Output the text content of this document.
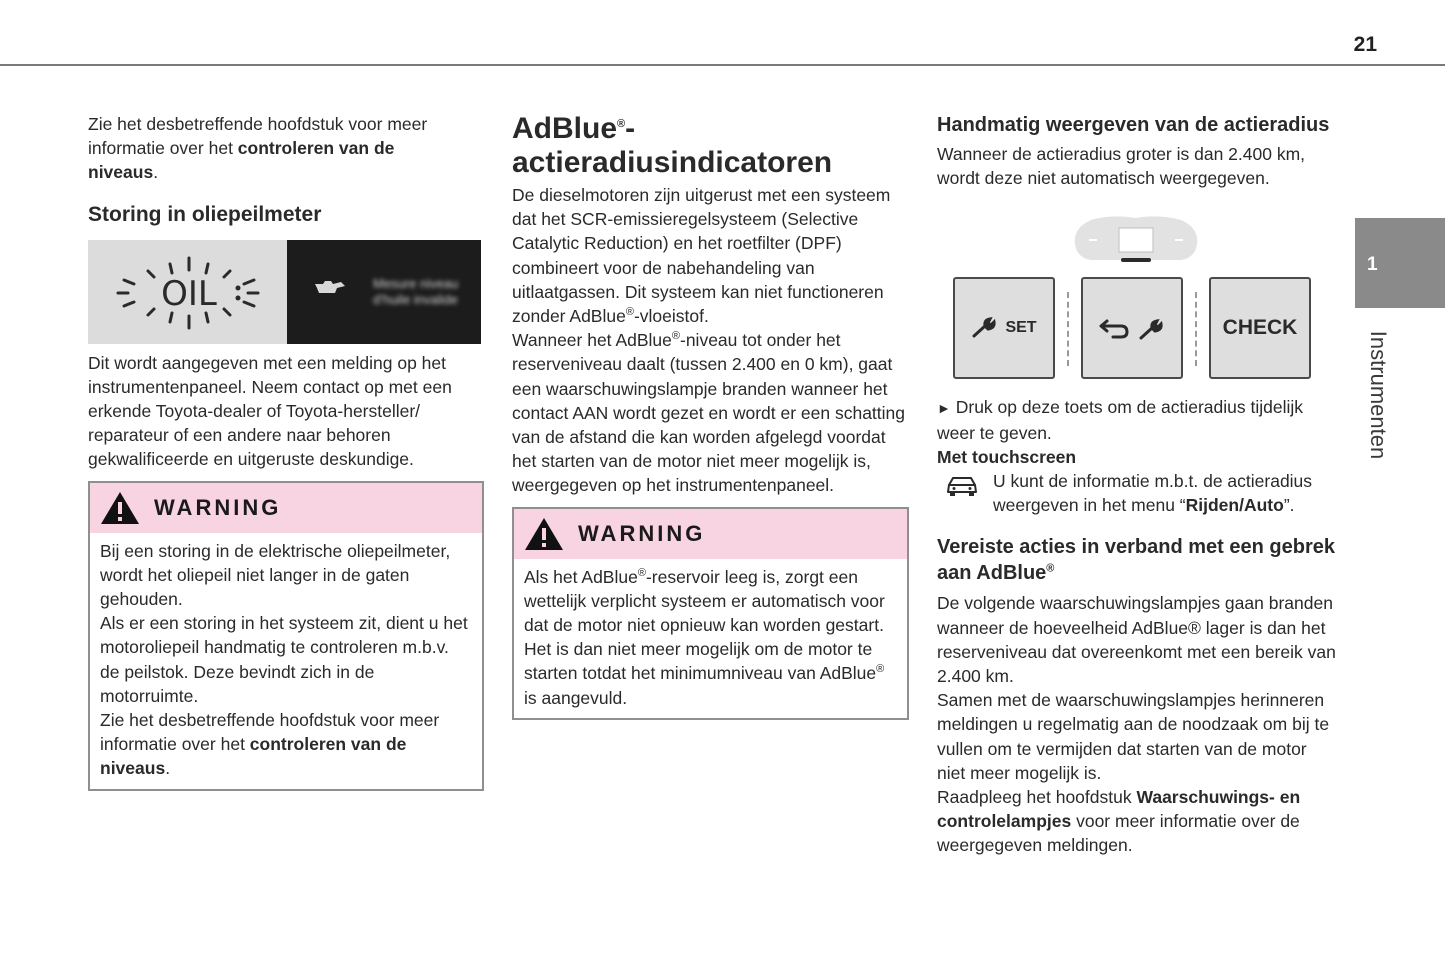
21
1
Instrumenten

Zie het desbetreffende hoofdstuk voor meer
informatie over het controleren van de
niveaus.

Storing in oliepeilmeter
OIL	Mesure niveau d'huile invalide

Dit wordt aangegeven met een melding op het instrumentenpaneel. Neem contact op met een erkende Toyota-dealer of Toyota-hersteller/ reparateur of een andere naar behoren gekwalificeerde en uitgeruste deskundige.

WARNING

Bij een storing in de elektrische oliepeilmeter, wordt het oliepeil niet langer in de gaten gehouden.

Als er een storing in het systeem zit, dient u het motoroliepeil handmatig te controleren m.b.v. de peilstok. Deze bevindt zich in de motorruimte.

Zie het desbetreffende hoofdstuk voor meer informatie over het controleren van de niveaus.

AdBlue®-
actieradiusindicatoren

De dieselmotoren zijn uitgerust met een systeem dat het SCR-emissieregelsysteem (Selective Catalytic Reduction) en het roetfilter (DPF) combineert voor de nabehandeling van uitlaatgassen. Dit systeem kan niet functioneren zonder AdBlue®-vloeistof.

Wanneer het AdBlue®-niveau tot onder het reserveniveau daalt (tussen 2.400 en 0 km), gaat een waarschuwingslampje branden wanneer het contact AAN wordt gezet en wordt er een schatting van de afstand die kan worden afgelegd voordat het starten van de motor niet meer mogelijk is, weergegeven op het instrumentenpaneel.

WARNING

Als het AdBlue®-reservoir leeg is, zorgt een wettelijk verplicht systeem er automatisch voor dat de motor niet opnieuw kan worden gestart. Het is dan niet meer mogelijk om de motor te starten totdat het minimumniveau van AdBlue® is aangevuld.

Handmatig weergeven van de actieradius

Wanneer de actieradius groter is dan 2.400 km, wordt deze niet automatisch weergegeven.

SET	CHECK

► Druk op deze toets om de actieradius tijdelijk weer te geven.

Met touchscreen

U kunt de informatie m.b.t. de actieradius weergeven in het menu “Rijden/Auto”.

Vereiste acties in verband met een gebrek aan AdBlue®

De volgende waarschuwingslampjes gaan branden wanneer de hoeveelheid AdBlue® lager is dan het reserveniveau dat overeenkomt met een bereik van 2.400 km.

Samen met de waarschuwingslampjes herinneren meldingen u regelmatig aan de noodzaak om bij te vullen om te vermijden dat starten van de motor niet meer mogelijk is.

Raadpleeg het hoofdstuk Waarschuwings- en controlelampjes voor meer informatie over de weergegeven meldingen.
